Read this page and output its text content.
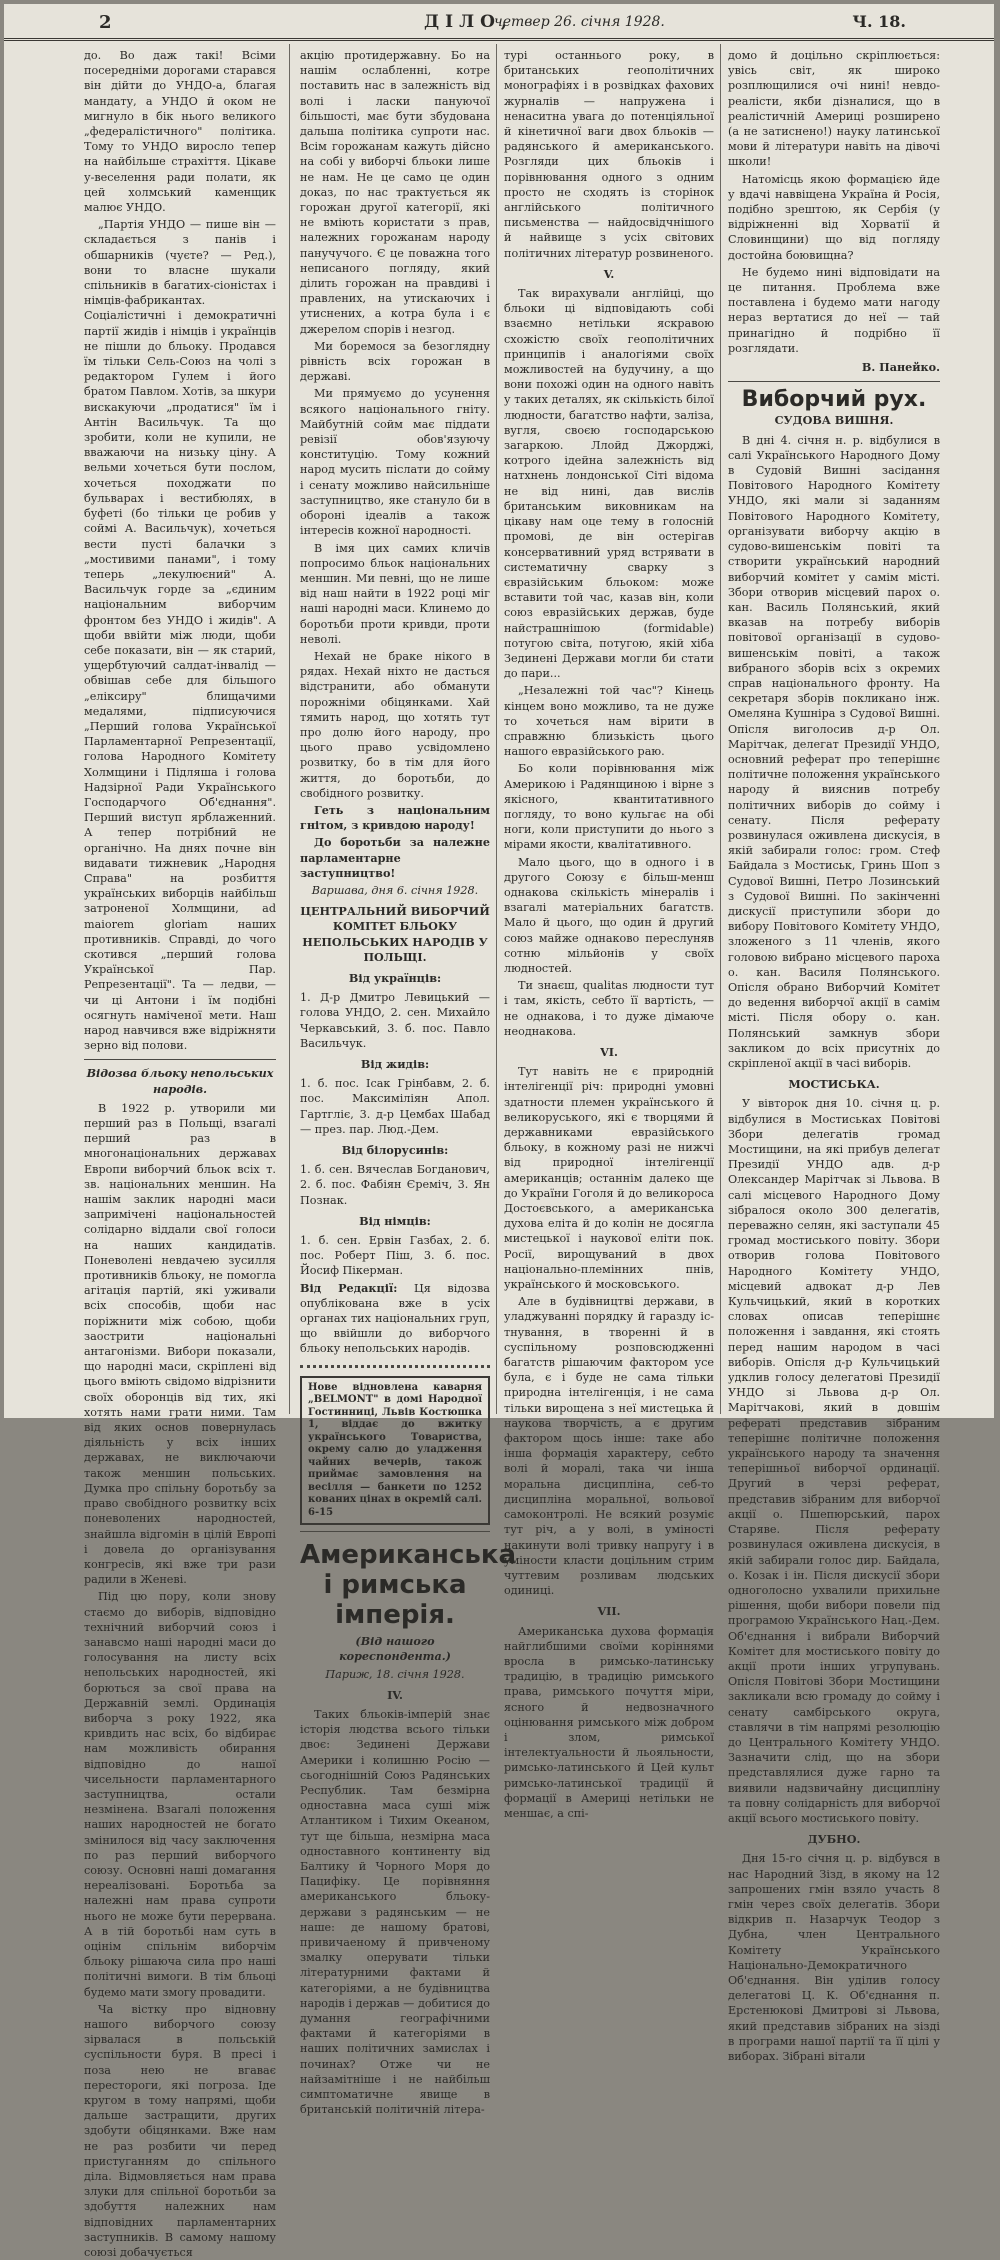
2	ДІЛО,
четвер 26. січня 1928.	Ч. 18.

до. Во даж такі! Всіми посередніми дорогами старався він дійти до УНДО-а, благая мандату, а УНДО й оком не мигнуло в бік нього великого „федералістичного" політика. Тому то УНДО виросло тепер на найбільше страхіття. Цікаве у-веселення ради полати, як цей холмський каменщик малює УНДО.

„Партія УНДО — пише він — складається з панів і обшарників (чуєте? — Ред.), вони то власне шукали спільників в багатих-сіоністах і німців-фабрикантах. Соціалістичні і демократичні партії жидів і німців і українців не пішли до бльоку. Продався їм тільки Сель-Союз на чолі з редактором Гулем і його братом Павлом. Хотів, за шкури вискакуючи „продатися" їм і Антін Васильчук. Та що зробити, коли не купили, не вважаючи на низьку ціну. А вельми хочеться бути послом, хочеться походжати по бульварах і вестибюлях, в буфеті (бо тільки це робив у соймі А. Васильчук), хочеться вести пусті балачки з „мостивими панами", і тому теперь „лекулюєний" А. Васильчук горде за „єдиним національним виборчим фронтом без УНДО і жидів". А щоби ввійти між люди, щоби себе показати, він — як старий, ущербтуючий салдат-інвалід — обвішав себе для більшого „еліксиру" блищачими медалями, підписуючися „Перший голова Української Парламентарної Репрезентації, голова Народного Комітету Холмщини і Підляша і голова Надзірної Ради Українського Господарчого Об'єднання". Перший виступ ярблаженний. А тепер потрібний не органічно. На днях почне він видавати тижневик „Народня Справа" на розбиття українських виборців найбільш затроненої Холмщини, ad maiorem gloriam наших противників. Справді, до чого скотився „перший голова Української Пар. Репрезентації". Та — ледви, — чи ці Антони і їм подібні осягнуть наміченої мети. Наш народ навчився вже відріжняти зерно від полови.

Відозва бльоку непольських народів.

В 1922 р. утворили ми перший раз в Польщі, взагалі перший раз в многонаціональних державах Европи виборчий бльок всіх т. зв. національних меншин. На нашім заклик народні маси запримічені національностей солідарно віддали свої голоси на наших кандидатів. Поневолені невдачею зусилля противників бльоку, не помогла агітація партій, які уживали всіх способів, щоби нас поріжнити між собою, щоби заострити національні антагонізми. Вибори показали, що народні маси, скріплені від цього вміють свідомо відрізнити своїх оборонців від тих, які хотять нами грати ними. Там від яких основ повернулась діяльність у всіх інших державах, не виключаючи також меншин польських. Думка про спільну боротьбу за право свобідного розвитку всіх поневолених народностей, знайшла відгомін в цілій Европі і довела до організування конгресів, які вже три рази радили в Женеві.

Під цю пору, коли знову стаємо до виборів, відповідно технічний виборчий союз і занавсмо наші народні маси до голосування на листу всіх непольських народностей, які борються за свої права на Державній землі. Ординація виборча з року 1922, яка кривдить нас всіх, бо відбирає нам можливість обирання відповідно до нашої чисельности парламентарного заступництва, остали незмінена. Взагалі положення наших народностей не богато змінилося від часу заключення по раз перший виборчого союзу. Основні наші домагання нереалізовані. Боротьба за належні нам права супроти нього не може бути перервана. А в тій боротьбі нам суть в оцінім спільнім виборчім бльоку рішаюча сила про наші політичні вимоги. В тім бльоці будемо мати змогу провадити.

Ча вістку про відновну нашого виборчого союзу зірвалася в польській суспільности буря. В пресі і поза нею не вгаває перестороги, які погроза. Іде кругом в тому напрямі, щоби дальше застращити, других здобути обіцянками. Вже нам не раз розбити чи перед пристуганням до спільного діла. Відмовляється нам права злуки для спільної боротьби за здобуття належних нам відповідних парламентарних заступників. В самому нашому союзі добачується

акцію протидержавну. Бо на нашім ослабленні, котре поставить нас в залежність від волі і ласки пануючої більшості, має бути збудована дальша політика супроти нас. Всім горожанам кажуть дійсно на собі у виборчі бльоки лише не нам. Не це само це один доказ, по нас трактується як горожан другої категорії, які не вміють користати з прав, належних горожанам народу панучучого. Є це поважна того неписаного погляду, який ділить горожан на правдиві і правлених, на утискаючих і утиснених, а котра була і є джерелом спорів і незгод.

Ми боремося за безоглядну рівність всіх горожан в державі.

Ми прямуємо до усунення всякого національного гніту. Майбутній сойм має піддати ревізії обов'язуючу конституцію. Тому кожний народ мусить післати до сойму і сенату можливо найсильніше заступництво, яке стануло би в обороні ідеалів а також інтересів кожної народності.

В імя цих самих кличів попросимо бльок національних меншин. Ми певні, що не лише від наш найти в 1922 році міг наші народні маси. Клинемо до боротьби проти кривди, проти неволі.

Нехай не браке нікого в рядах. Нехай ніхто не дасться відстранити, або обманути порожніми обіцянками. Хай тямить народ, що хотять тут про долю його народу, про цього право усвідомлено розвитку, бо в тім для його життя, до боротьби, до свобідного розвитку.

Геть з національним гнітом, з кривдою народу!

До боротьби за належне парламентарне заступництво!

Варшава, дня 6. січня 1928.

ЦЕНТРАЛЬНИЙ ВИБОРЧИЙ КОМІТЕТ БЛЬОКУ НЕПОЛЬСЬКИХ НАРОДІВ У ПОЛЬЩІ.

Від українців:

1. Д-р Дмитро Левицький — голова УНДО, 2. сен. Михайло Черкавський, 3. б. пос. Павло Васильчук.

Від жидів:

1. б. пос. Ісак Грінбавм, 2. б. пос. Максиміліян Апол. Гартгліє, 3. д-р Цембах Шабад — през. пар. Люд.-Дем.

Від білорусинів:

1. б. сен. Вячеслав Богданович, 2. б. пос. Фабіян Єреміч, 3. Ян Познак.

Від німців:

1. б. сен. Ервін Газбах, 2. б. пос. Роберт Піш, 3. б. пос. Йосиф Пікерман.

Від Редакції: Ця відозва опублікована вже в усіх органах тих національних груп, що ввійшли до виборчого бльоку непольських народів.

Нове відновлена каварня „BELMONT" в домі Народної Гостинниці, Львів Костюшка 1, віддає до вжитку українського Товариства, окрему салю до уладження чайних вечерів, також приймає замовлення на весілля — банкети по 1252 кованих цінах в окремій салі. 6-15
Американська і римська імперія.

(Від нашого кореспондента.)

Париж, 18. січня 1928.

IV.

Таких бльоків-імперій знає історія людства всього тільки двоє: Зединені Держави Америки і колишню Росію — сьогоднішній Союз Радянських Республик. Там безмірна одноставна маса суші між Атлантиком і Тихим Океаном, тут ще більша, незмірна маса одноставного континенту від Балтику й Чорного Моря до Пацифіку. Це порівняння американського бльоку-держави з радянським — не наше: де нашому братові, привичаеному й привченому змалку оперувати тільки літературними фактами й категоріями, а не будівництва народів і держав — добитися до думання географічними фактами й категоріями в наших політичних замислах і починах? Отже чи не найзамітніше і не найбільш симптоматичне явище в британській політичній літера-

турі останнього року, в британських геополітичних монографіях і в розвідках фахових журналів — напружена і ненаситна увага до потенціяльної й кінетичної ваги двох бльоків — радянського й американського. Розгляди цих бльоків і порівнювання одного з одним просто не сходять із сторінок англійського політичного письменства — найдосвідчнішого й найвище з усіх світових політичних літератур розвиненого.

V.

Так вирахували англійці, що бльоки ці відповідають собі взаємно нетільки яскравою схожістю своїх геополітичних принципів і аналогіями своїх можливостей на будучину, а що вони похожі один на одного навіть у таких деталях, як скількість білої людности, багатство нафти, заліза, вугля, своєю господарською загаркою. Ллойд Джорджі, котрого ідейна залежність від натхнень лондонської Сіті відома не від нині, дав вислів британським виковникам на цікаву нам оце тему в голосній промові, де він остерігав консервативний уряд встрявати в систематичну сварку з євразійським бльоком: може вставити той час, казав він, коли союз евразійських держав, буде найстрашнішою (formidable) потугою світа, потугою, якій хіба Зединені Держави могли би стати до пари...

„Незалежні той час"? Кінець кінцем воно можливо, та не дуже то хочеться нам вірити в справжню близькість цього нашого евразійського раю.

Бо коли порівнювання між Америкою і Радянщиною і вірне з якісного, квантитативного погляду, то воно кульгає на обі ноги, коли приступити до нього з мірами якости, квалітативного.

Мало цього, що в одного і в другого Союзу є більш-менш однакова скількість мінералів і взагалі матеріальних багатств. Мало й цього, що один й другий союз майже однаково переслуняв сотню мільйонів у своїх людностей.

Ти знаєш, qualitas людности тут і там, якість, себто її вартість, — не однакова, і то дуже дімаюче неоднакова.

VI.

Тут навіть не є природній інтелігенції річ: природні умовні здатности племен українського й великоруського, які є творцями й державниками евразійського бльоку, в кожному разі не нижчі від природної інтелігенції американців; останнім далеко ще до України Гоголя й до великороса Достоєвського, а американська духова еліта й до колін не досягла мистецької і наукової еліти пок. Росії, вирощуваний в двох національно-племінних пнів, українського й московського.

Але в будівництві держави, в уладжуванні порядку й гаразду істнування, в творенні й в суспільному розповсюдженні багатств рішаючим фактором усе була, є і буде не сама тільки природна інтелігенція, і не сама тільки вирощена з неї мистецька й наукова творчість, а є другим фактором щось інше: таке або інша формація характеру, себто волі й моралі, така чи інша моральна дисципліна, себ-то дисципліна моральної, вольової самоконтролі. Не всякий розуміє тут річ, а у волі, в уміності накинути волі тривку напругу і в уміности класти доцільним стрим чуттевим розливам людських одиниці.

VII.

Американська духова формація найглибшими своїми коріннями вросла в римсько-латинську традицію, в традицію римського права, римського почуття міри, ясного й недвозначного оцінювання римського між добром і злом, римської інтелектуальности й льояльности, римсько-латинського й Цей культ римсько-латинської традиції й формації в Америці нетільки не меншає, а спі-

домо й доцільно скріплюється: увісь світ, як широко розплющилися очі нині! невдо-реалісти, якби дізналися, що в реалістичній Америці розширено (а не затиснено!) науку латинської мови й літератури навіть на дівочі школи!

Натомісць якою формацією йде у вдачі наввіщена Україна й Росія, подібно зрештою, як Сербія (у відріжненні від Хорватії й Словинщини) що від погляду достойна боювищна?

Не будемо нині відповідати на це питання. Проблема вже поставлена і будемо мати нагоду нераз вертатися до неї — тай принагідно й подрібно її розглядати.

В. Панейко.

Виборчий рух.

СУДОВА ВИШНЯ.

В дні 4. січня н. р. відбулися в салі Українського Народного Дому в Судовій Вишні засідання Повітового Народного Комітету УНДО, які мали зі заданням Повітового Народного Комітету, організувати виборчу акцію в судово-вишенськім повіті та створити український народний виборчий комітет у самім місті. Збори отворив місцевий парох о. кан. Василь Полянський, який вказав на потребу виборів повітової організації в судово-вишенськім повіті, а також вибраного зборів всіх з окремих справ національного фронту. На секретаря зборів покликано інж. Омеляна Кушніра з Судової Вишні. Опісля виголосив д-р Ол. Марітчак, делегат Президії УНДО, основний реферат про теперішнє політичне положення українського народу й вияснив потребу політичних виборів до сойму і сенату. Після реферату розвинулася оживлена дискусія, в якій забирали голос: гром. Стеф Байдала з Мостиськ, Гринь Шоп з Судової Вишні, Петро Лозинський з Судової Вишні. По закінченні дискусії приступили збори до вибору Повітового Комітету УНДО, зложеного з 11 членів, якого головою вибрано місцевого пароха о. кан. Василя Полянського. Опісля обрано Виборчий Комітет до ведення виборчої акції в самім місті. Після обору о. кан. Полянський замкнув збори закликом до всіх присутніх до скріпленої акції в часі виборів.

МОСТИСЬКА.

У вівторок дня 10. січня ц. р. відбулися в Мостиськах Повітові Збори делегатів громад Мостищини, на які прибув делегат Президії УНДО адв. д-р Олександер Марітчак зі Львова. В салі місцевого Народного Дому зібралося около 300 делегатів, переважно селян, які заступали 45 громад мостиського повіту. Збори отворив голова Повітового Народного Комітету УНДО, місцевий адвокат д-р Лев Кульчицький, який в коротких словах описав теперішнє положення і завдання, які стоять перед нашим народом в часі виборів. Опісля д-р Кульчицький удклив голосу делегатові Президії УНДО зі Львова д-р Ол. Марітчакові, який в довшім рефераті представив зібраним теперішнє політичне положення українського народу та значення теперішньої виборчої ординації. Другий в черзі реферат, представив зібраним для виборчої акції о. Пшепюрський, парох Старяве. Після реферату розвинулася оживлена дискусія, в якій забирали голос дир. Байдала, о. Козак і ін. Після дискусії збори одноголосно ухвалили прихильне рішення, щоби вибори повели під програмою Українського Нац.-Дем. Об'єднання і вибрали Виборчий Комітет для мостиського повіту до акції проти інших угрупувань. Опісля Повітові Збори Мостищини закликали всю громаду до сойму і сенату самбірського округа, ставлячи в тім напрямі резолюцію до Центрального Комітету УНДО. Зазначити слід, що на збори представлялися дуже гарно та виявили надзвичайну дисципліну та повну солідарність для виборчої акції всього мостиського повіту.

ДУБНО.

Дня 15-го січня ц. р. відбувся в нас Народний Зізд, в якому на 12 запрошених гмін взяло участь 8 гмін через своїх делегатів. Збори відкрив п. Назарчук Теодор з Дубна, член Центрального Комітету Українського Національно-Демократичного Об'єднання. Він уділив голосу делегатові Ц. К. Об'єднання п. Ерстенюкові Дмитрові зі Львова, який представив зібраних на зізді в програми нашої партії та її цілі у виборах. Зібрані вітали
